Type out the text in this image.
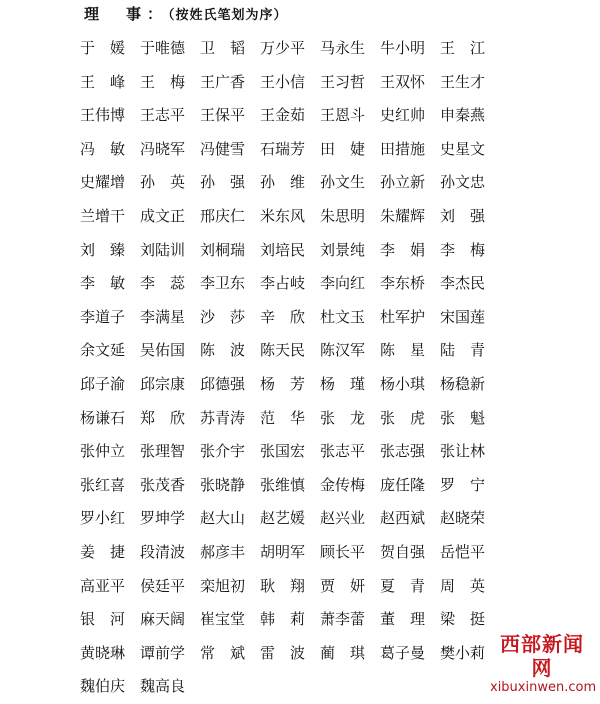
理　事：（按姓氏笔划为序）
于　媛 于唯德 卫　韬 万少平 马永生 牛小明 王　江
王　峰 王　梅 王广香 王小信 王习哲 王双怀 王生才
王伟博 王志平 王保平 王金茹 王恩斗 史红帅 申秦燕
冯　敏 冯晓军 冯健雪 石瑞芳 田　婕 田措施 史星文
史耀增 孙　英 孙　强 孙　维 孙文生 孙立新 孙文忠
兰增干 成文正 邢庆仁 米东风 朱思明 朱耀辉 刘　强
刘　臻 刘陆训 刘桐瑞 刘培民 刘景纯 李　娟 李　梅
李　敏 李　蕊 李卫东 李占岐 李向红 李东桥 李杰民
李道子 李满星 沙　莎 辛　欣 杜文玉 杜军护 宋国莲
余文延 吴佑国 陈　波 陈天民 陈汉军 陈　星 陆　青
邱子渝 邱宗康 邱德强 杨　芳 杨　瑾 杨小琪 杨稳新
杨谦石 郑　欣 苏青涛 范　华 张　龙 张　虎 张　魁
张仲立 张理智 张介宇 张国宏 张志平 张志强 张让林
张红喜 张茂香 张晓静 张维慎 金传梅 庞任隆 罗　宁
罗小红 罗坤学 赵大山 赵艺媛 赵兴业 赵西斌 赵晓荣
姜　捷 段清波 郝彦丰 胡明军 顾长平 贺自强 岳恺平
高亚平 侯廷平 栾旭初 耿　翔 贾　妍 夏　青 周　英
银　河 麻天阔 崔宝堂 韩　莉 萧李蕾 董　理 梁　挺
黄晓琳 谭前学 常　斌 雷　波 蔺　琪 葛子曼 樊小莉
魏伯庆 魏高良
西部新闻网
xibuxinwen.com
